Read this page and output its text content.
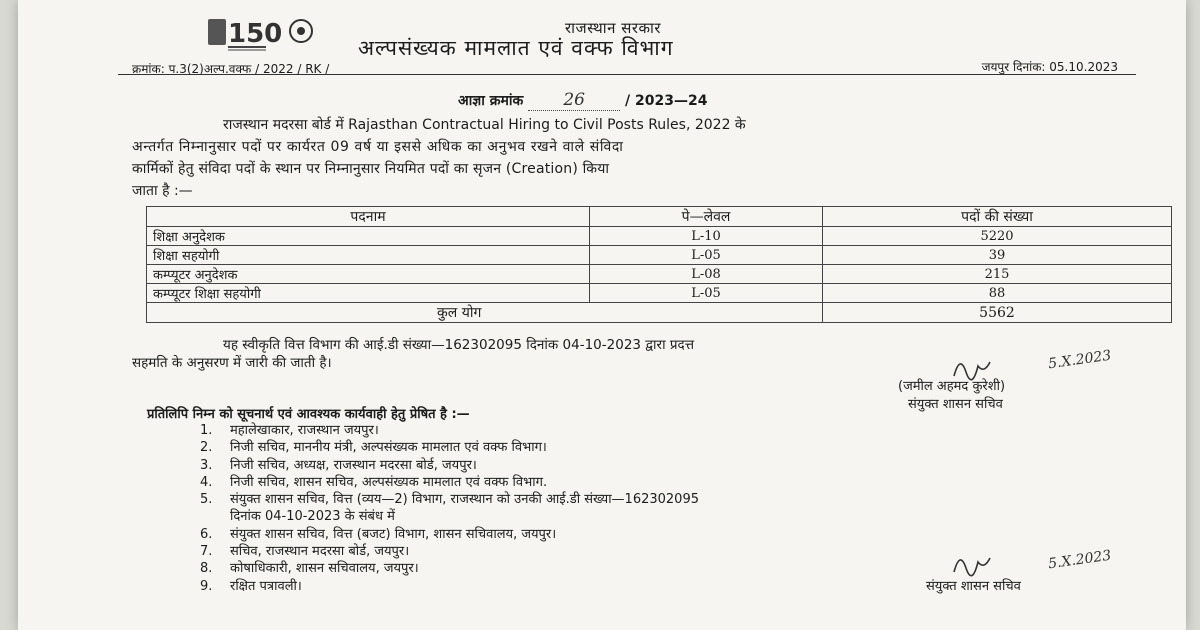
150	राजस्थान सरकार
अल्पसंख्यक मामलात एवं वक्फ विभाग
क्रमांक: प.3(2)अल्प.वक्फ / 2022 / RK /	जयपुर दिनांक: 05.10.2023
आज्ञा क्रमांक 26	/ 2023—24
राजस्थान मदरसा बोर्ड में Rajasthan Contractual Hiring to Civil Posts Rules, 2022 के
अन्तर्गत निम्नानुसार पदों पर कार्यरत 09 वर्ष या इससे अधिक का अनुभव रखने वाले संविदा
कार्मिकों हेतु संविदा पदों के स्थान पर निम्नानुसार नियमित पदों का सृजन (Creation) किया
जाता है :—
पदनाम	पे—लेवल	पदों की संख्या
शिक्षा अनुदेशक	L-10	5220
शिक्षा सहयोगी	L-05	39
कम्प्यूटर अनुदेशक	L-08	215
कम्प्यूटर शिक्षा सहयोगी	L-05	88
कुल योग		5562
यह स्वीकृति वित्त विभाग की आई.डी संख्या—162302095 दिनांक 04-10-2023 द्वारा प्रदत्त
सहमति के अनुसरण में जारी की जाती है।	5.X.2023
(जमील अहमद कुरेशी)
संयुक्त शासन सचिव
प्रतिलिपि निम्न को सूचनार्थ एवं आवश्यक कार्यवाही हेतु प्रेषित है :—
1.	महालेखाकार, राजस्थान जयपुर।
2.	निजी सचिव, माननीय मंत्री, अल्पसंख्यक मामलात एवं वक्फ विभाग।
3.	निजी सचिव, अध्यक्ष, राजस्थान मदरसा बोर्ड, जयपुर।
4.	निजी सचिव, शासन सचिव, अल्पसंख्यक मामलात एवं वक्फ विभाग.
5.	संयुक्त शासन सचिव, वित्त (व्यय—2) विभाग, राजस्थान को उनकी आई.डी संख्या—162302095
दिनांक 04-10-2023 के संबंध में
6.	संयुक्त शासन सचिव, वित्त (बजट) विभाग, शासन सचिवालय, जयपुर।
7.	सचिव, राजस्थान मदरसा बोर्ड, जयपुर।
8.	कोषाधिकारी, शासन सचिवालय, जयपुर।
9.	रक्षित पत्रावली।
5.X.2023
संयुक्त शासन सचिव
